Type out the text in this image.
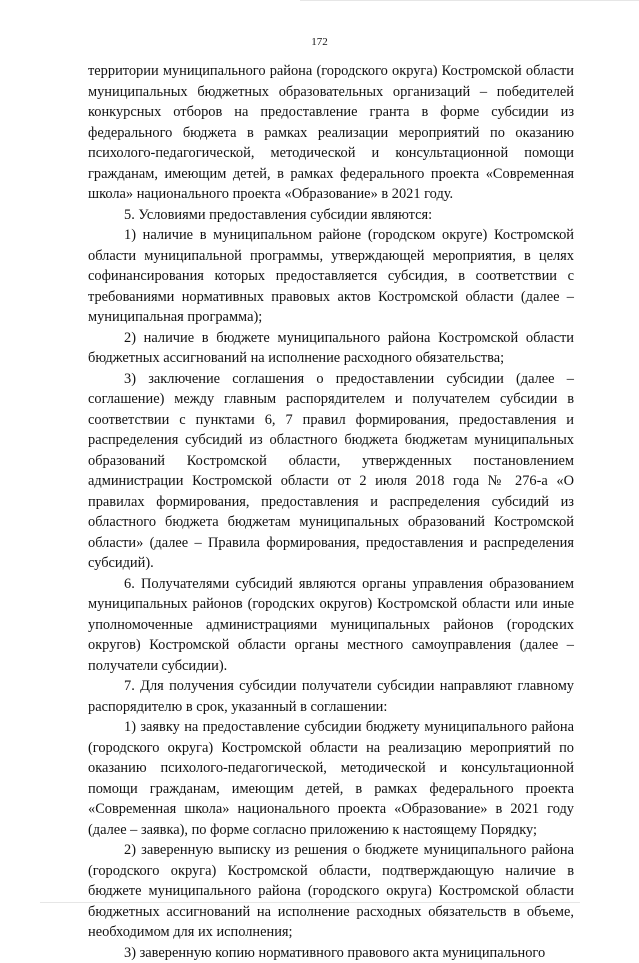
172

территории муниципального района (городского округа) Костромской области муниципальных бюджетных образовательных организаций – победителей конкурсных отборов на предоставление гранта в форме субсидии из федерального бюджета в рамках реализации мероприятий по оказанию психолого-педагогической, методической и консультационной помощи гражданам, имеющим детей, в рамках федерального проекта «Современная школа» национального проекта «Образование» в 2021 году.

5. Условиями предоставления субсидии являются:

1) наличие в муниципальном районе (городском округе) Костромской области муниципальной программы, утверждающей мероприятия, в целях софинансирования которых предоставляется субсидия, в соответствии с требованиями нормативных правовых актов Костромской области (далее – муниципальная программа);

2) наличие в бюджете муниципального района Костромской области бюджетных ассигнований на исполнение расходного обязательства;

3) заключение соглашения о предоставлении субсидии (далее – соглашение) между главным распорядителем и получателем субсидии в соответствии с пунктами 6, 7 правил формирования, предоставления и распределения субсидий из областного бюджета бюджетам муниципальных образований Костромской области, утвержденных постановлением администрации Костромской области от 2 июля 2018 года № 276-а «О правилах формирования, предоставления и распределения субсидий из областного бюджета бюджетам муниципальных образований Костромской области» (далее – Правила формирования, предоставления и распределения субсидий).

6. Получателями субсидий являются органы управления образованием муниципальных районов (городских округов) Костромской области или иные уполномоченные администрациями муниципальных районов (городских округов) Костромской области органы местного самоуправления (далее – получатели субсидии).

7. Для получения субсидии получатели субсидии направляют главному распорядителю в срок, указанный в соглашении:

1) заявку на предоставление субсидии бюджету муниципального района (городского округа) Костромской области на реализацию мероприятий по оказанию психолого-педагогической, методической и консультационной помощи гражданам, имеющим детей, в рамках федерального проекта «Современная школа» национального проекта «Образование» в 2021 году (далее – заявка), по форме согласно приложению к настоящему Порядку;

2) заверенную выписку из решения о бюджете муниципального района (городского округа) Костромской области, подтверждающую наличие в бюджете муниципального района (городского округа) Костромской области бюджетных ассигнований на исполнение расходных обязательств в объеме, необходимом для их исполнения;

3) заверенную копию нормативного правового акта муниципального
